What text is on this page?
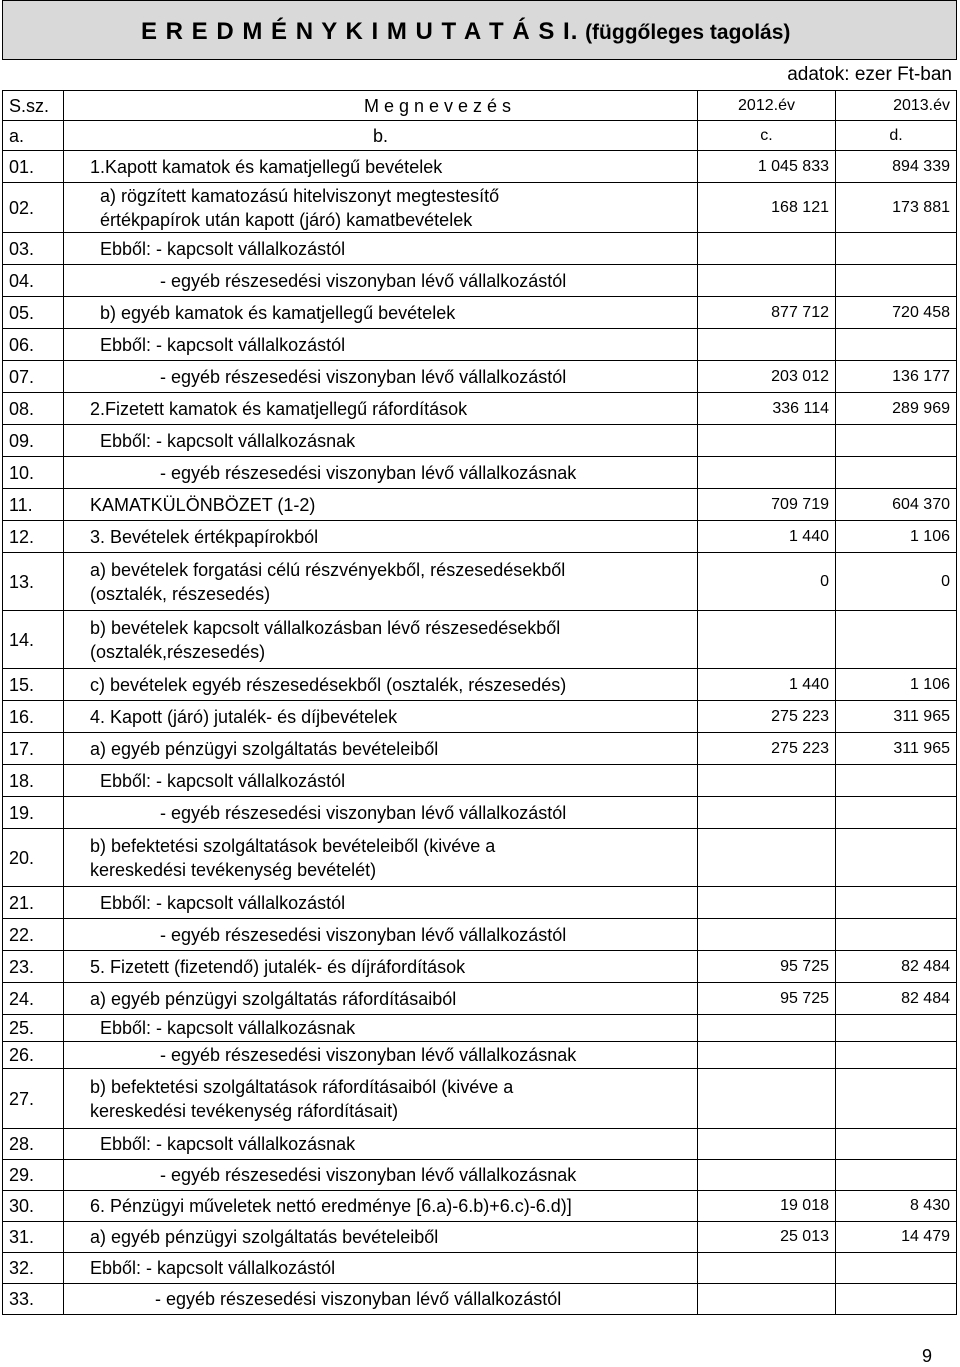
E R E D M É N Y K I M U T A T Á S I. (függőleges tagolás)
adatok: ezer Ft-ban
S.sz.	M e g n e v e z é s	2012.év	2013.év
a.	b.	c.	d.
01.	1.Kapott kamatok és kamatjellegű bevételek	1 045 833	894 339
02.	a) rögzített kamatozású hitelviszonyt megtestesítő
értékpapírok után kapott (járó) kamatbevételek	168 121	173 881
03.	Ebből: - kapcsolt vállalkozástól		

04.	- egyéb részesedési viszonyban lévő vállalkozástól		

05.	b) egyéb kamatok és kamatjellegű bevételek	877 712	720 458
06.	Ebből: - kapcsolt vállalkozástól		

07.	- egyéb részesedési viszonyban lévő vállalkozástól	203 012	136 177
08.	2.Fizetett kamatok és kamatjellegű ráfordítások	336 114	289 969
09.	Ebből: - kapcsolt vállalkozásnak		

10.	- egyéb részesedési viszonyban lévő vállalkozásnak		

11.	KAMATKÜLÖNBÖZET (1-2)	709 719	604 370
12.	3. Bevételek értékpapírokból	1 440	1 106
13.	a) bevételek forgatási célú részvényekből, részesedésekből
(osztalék, részesedés)	0	0
14.	b) bevételek kapcsolt vállalkozásban lévő részesedésekből
(osztalék,részesedés)		

15.	c) bevételek egyéb részesedésekből (osztalék, részesedés)	1 440	1 106
16.	4. Kapott (járó) jutalék- és díjbevételek	275 223	311 965
17.	a) egyéb pénzügyi szolgáltatás bevételeiből	275 223	311 965
18.	Ebből: - kapcsolt vállalkozástól		

19.	- egyéb részesedési viszonyban lévő vállalkozástól		

20.	b) befektetési szolgáltatások bevételeiből (kivéve a
kereskedési tevékenység bevételét)		

21.	Ebből: - kapcsolt vállalkozástól		

22.	- egyéb részesedési viszonyban lévő vállalkozástól		

23.	5. Fizetett (fizetendő) jutalék- és díjráfordítások	95 725	82 484
24.	a) egyéb pénzügyi szolgáltatás ráfordításaiból	95 725	82 484
25.	Ebből: - kapcsolt vállalkozásnak		

26.	- egyéb részesedési viszonyban lévő vállalkozásnak		

27.	b) befektetési szolgáltatások ráfordításaiból (kivéve a
kereskedési tevékenység ráfordításait)		

28.	Ebből: - kapcsolt vállalkozásnak		

29.	- egyéb részesedési viszonyban lévő vállalkozásnak		

30.	6. Pénzügyi műveletek nettó eredménye [6.a)-6.b)+6.c)-6.d)]	19 018	8 430
31.	a) egyéb pénzügyi szolgáltatás bevételeiből	25 013	14 479
32.	Ebből: - kapcsolt vállalkozástól		

33.	- egyéb részesedési viszonyban lévő vállalkozástól		

9
